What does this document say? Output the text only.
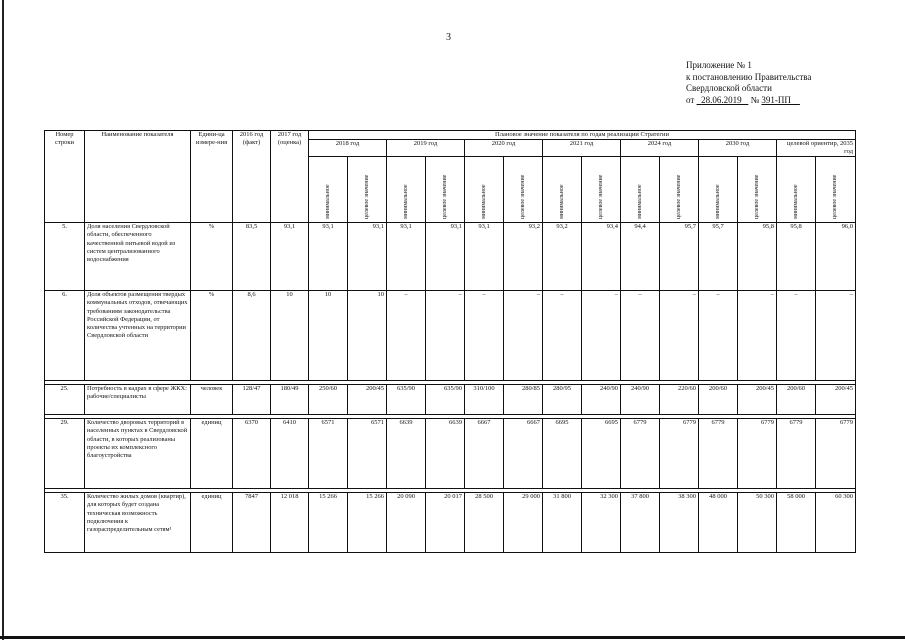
3
Приложение № 1
к постановлению Правительства
Свердловской области
от 28.06.2019 № 391-ПП
Номер строки	Наименование показателя	Едини-ца измере-ния	2016 год (факт)	2017 год (оценка)	Плановое значение показателя по годам реализации Стратегии													
					2018 год		2019 год		2020 год		2021 год		2024 год		2030 год		целевой ориентир, 2035 год	

					минимальное	целевое значение	минимальное	целевое значение	минимальное	целевое значение	минимальное	целевое значение	минимальное	целевое значение	минимальное	целевое значение	минимальное	целевое значение

5.	Доля населения Свердловской области, обеспеченного качественной питьевой водой из систем централизованного водоснабжения	%	83,5	93,1	93,1	93,1	93,1	93,1	93,1	93,2	93,2	93,4	94,4	95,7	95,7	95,8	95,8	96,0
6.	Доля объектов размещения твердых коммунальных отходов, отвечающих требованиям законодательства Российской Федерации, от количества учтенных на территории Свердловской области	%	8,6	10	10	10	–	–	–	–	–	–	–	–	–	–	–	–

25.	Потребность в кадрах в сфере ЖКХ: рабочие/специалисты	человек	128/47	180/49	250/60	200/45	635/90	635/90	310/100	280/85	280/95	240/90	240/90	220/60	200/60	200/45	200/60	200/45

29.	Количество дворовых территорий в населенных пунктах в Свердловской области, в которых реализованы проекты их комплексного благоустройства	единиц	6370	6410	6571	6571	6639	6639	6667	6667	6695	6695	6779	6779	6779	6779	6779	6779

35.	Количество жилых домов (квартир), для которых будет создана техническая возможность подключения к газораспределительным сетям¹	единиц	7847	12 018	15 266	15 266	20 090	20 017	28 500	29 000	31 800	32 300	37 800	38 300	48 000	50 300	58 000	60 300
